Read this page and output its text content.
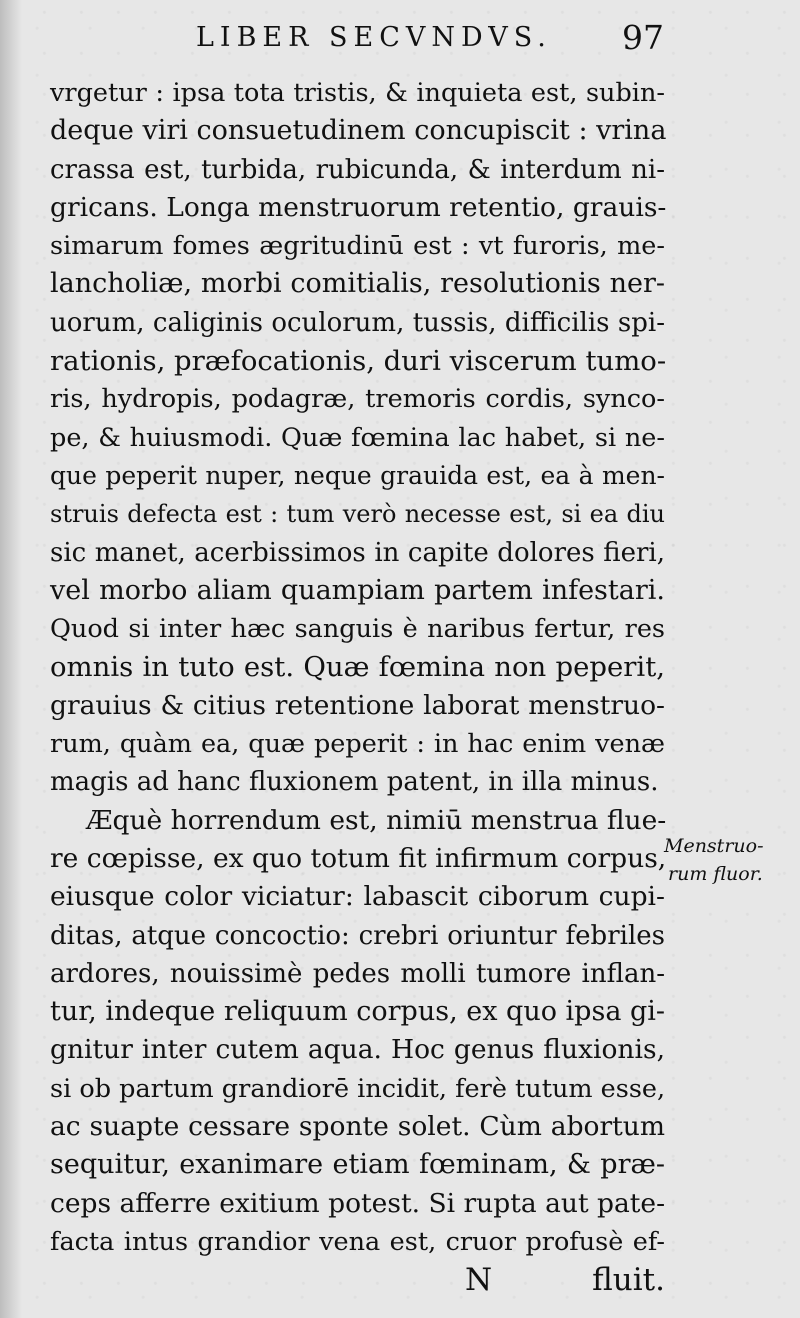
LIBER SECVNDVS. 97
vrgetur : ipsa tota tristis, & inquieta est, subin-
deque viri consuetudinem concupiscit : vrina
crassa est, turbida, rubicunda, & interdum ni-
gricans. Longa menstruorum retentio, grauis-
simarum fomes ægritudinū est : vt furoris, me-
lancholiæ, morbi comitialis, resolutionis ner-
uorum, caliginis oculorum, tussis, difficilis spi-
rationis, præfocationis, duri viscerum tumo-
ris, hydropis, podagræ, tremoris cordis, synco-
pe, & huiusmodi. Quæ fœmina lac habet, si ne-
que peperit nuper, neque grauida est, ea à men-
struis defecta est : tum verò necesse est, si ea diu
sic manet, acerbissimos in capite dolores fieri,
vel morbo aliam quampiam partem infestari.
Quod si inter hæc sanguis è naribus fertur, res
omnis in tuto est. Quæ fœmina non peperit,
grauius & citius retentione laborat menstruo-
rum, quàm ea, quæ peperit : in hac enim venæ
magis ad hanc fluxionem patent, in illa minus.
Æquè horrendum est, nimiū menstrua flue-
re cœpisse, ex quo totum fit infirmum corpus,
eiusque color viciatur: labascit ciborum cupi-
ditas, atque concoctio: crebri oriuntur febriles
ardores, nouissimè pedes molli tumore inflan-
tur, indeque reliquum corpus, ex quo ipsa gi-
gnitur inter cutem aqua. Hoc genus fluxionis,
si ob partum grandiorē incidit, ferè tutum esse,
ac suapte cessare sponte solet. Cùm abortum
sequitur, exanimare etiam fœminam, & præ-
ceps afferre exitium potest. Si rupta aut pate-
facta intus grandior vena est, cruor profusè ef-
N	fluit.
Menstruo-
rum fluor.
